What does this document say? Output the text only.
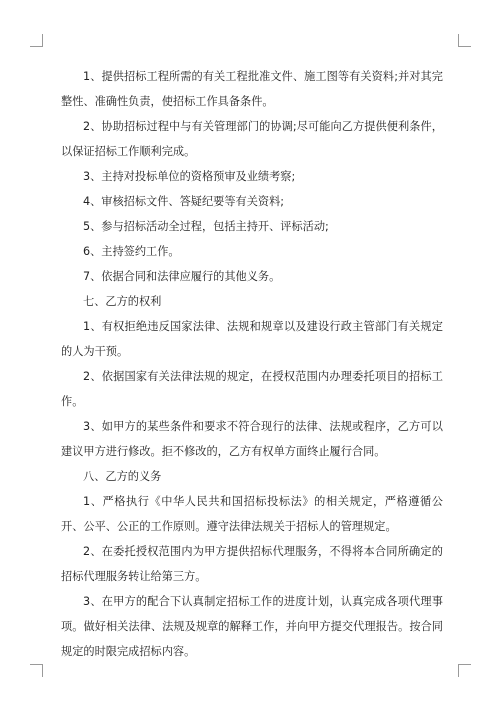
1、提供招标工程所需的有关工程批准文件、施工图等有关资料;并对其完整性、准确性负责，使招标工作具备条件。

2、协助招标过程中与有关管理部门的协调;尽可能向乙方提供便利条件，以保证招标工作顺利完成。

3、主持对投标单位的资格预审及业绩考察;

4、审核招标文件、答疑纪要等有关资料;

5、参与招标活动全过程，包括主持开、评标活动;

6、主持签约工作。

7、依据合同和法律应履行的其他义务。

七、乙方的权利

1、有权拒绝违反国家法律、法规和规章以及建设行政主管部门有关规定的人为干预。

2、依据国家有关法律法规的规定，在授权范围内办理委托项目的招标工作。

3、如甲方的某些条件和要求不符合现行的法律、法规或程序，乙方可以建议甲方进行修改。拒不修改的，乙方有权单方面终止履行合同。

八、乙方的义务

1、严格执行《中华人民共和国招标投标法》的相关规定，严格遵循公开、公平、公正的工作原则。遵守法律法规关于招标人的管理规定。

2、在委托授权范围内为甲方提供招标代理服务，不得将本合同所确定的招标代理服务转让给第三方。

3、在甲方的配合下认真制定招标工作的进度计划，认真完成各项代理事项。做好相关法律、法规及规章的解释工作，并向甲方提交代理报告。按合同规定的时限完成招标内容。
